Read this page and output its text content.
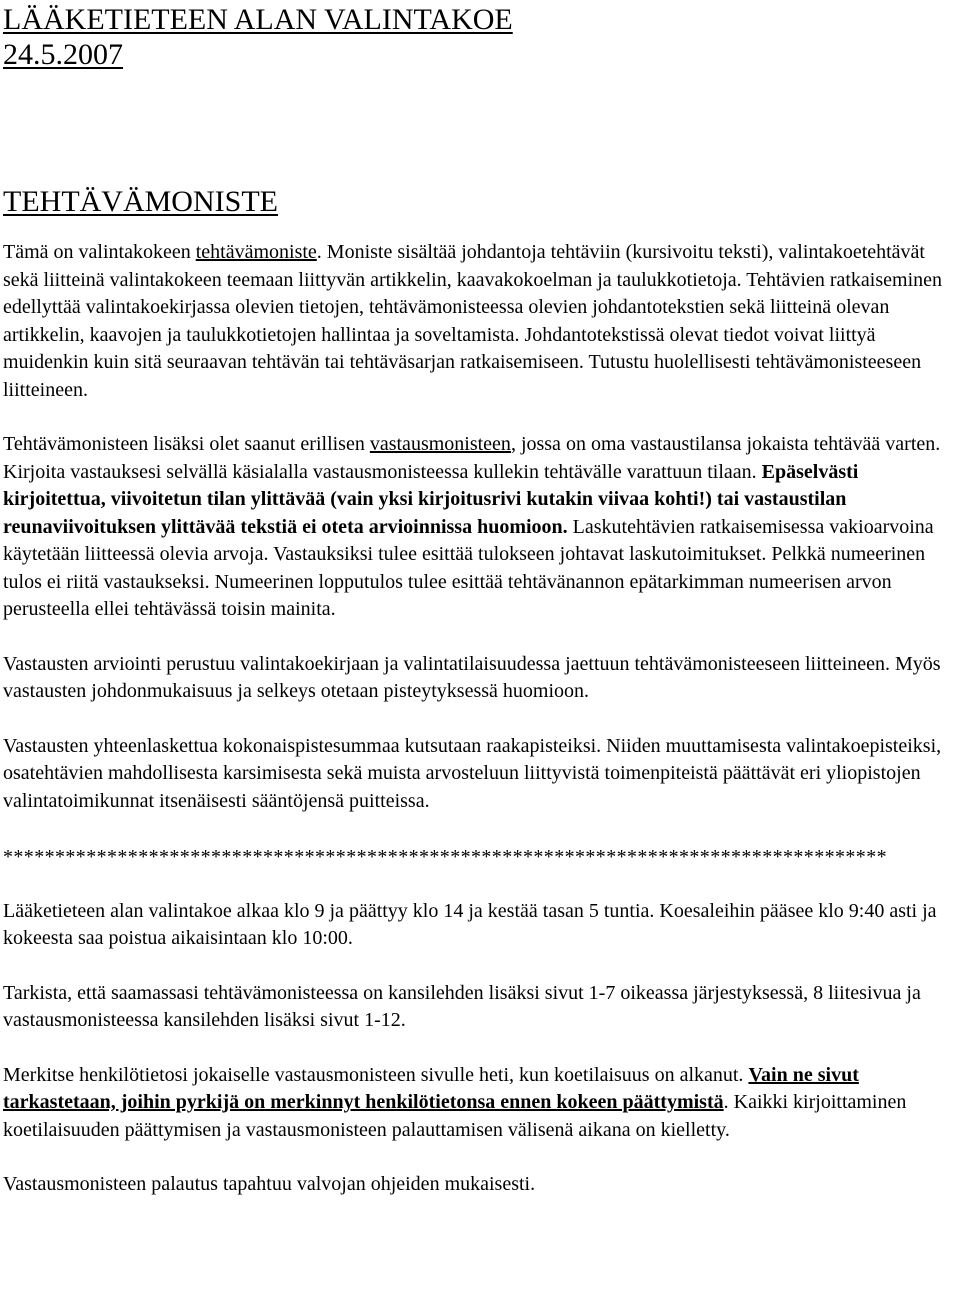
LÄÄKETIETEEN ALAN VALINTAKOE
24.5.2007
TEHTÄVÄMONISTE

Tämä on valintakokeen tehtävämoniste. Moniste sisältää johdantoja tehtäviin (kursivoitu teksti), valintakoetehtävät sekä liitteinä valintakokeen teemaan liittyvän artikkelin, kaavakokoelman ja taulukkotietoja. Tehtävien ratkaiseminen edellyttää valintakoekirjassa olevien tietojen, tehtävämonisteessa olevien johdantotekstien sekä liitteinä olevan artikkelin, kaavojen ja taulukkotietojen hallintaa ja soveltamista. Johdantotekstissä olevat tiedot voivat liittyä muidenkin kuin sitä seuraavan tehtävän tai tehtäväsarjan ratkaisemiseen. Tutustu huolellisesti tehtävämonisteeseen liitteineen.

Tehtävämonisteen lisäksi olet saanut erillisen vastausmonisteen, jossa on oma vastaustilansa jokaista tehtävää varten. Kirjoita vastauksesi selvällä käsialalla vastausmonisteessa kullekin tehtävälle varattuun tilaan. Epäselvästi kirjoitettua, viivoitetun tilan ylittävää (vain yksi kirjoitusrivi kutakin viivaa kohti!) tai vastaustilan reunaviivoituksen ylittävää tekstiä ei oteta arvioinnissa huomioon. Laskutehtävien ratkaisemisessa vakioarvoina käytetään liitteessä olevia arvoja. Vastauksiksi tulee esittää tulokseen johtavat laskutoimitukset. Pelkkä numeerinen tulos ei riitä vastaukseksi. Numeerinen lopputulos tulee esittää tehtävänannon epätarkimman numeerisen arvon perusteella ellei tehtävässä toisin mainita.

Vastausten arviointi perustuu valintakoekirjaan ja valintatilaisuudessa jaettuun tehtävämonisteeseen liitteineen. Myös vastausten johdonmukaisuus ja selkeys otetaan pisteytyksessä huomioon.

Vastausten yhteenlaskettua kokonaispistesummaa kutsutaan raakapisteiksi. Niiden muuttamisesta valintakoepisteiksi, osatehtävien mahdollisesta karsimisesta sekä muista arvosteluun liittyvistä toimenpiteistä päättävät eri yliopistojen valintatoimikunnat itsenäisesti sääntöjensä puitteissa.

*************************************************************************************

Lääketieteen alan valintakoe alkaa klo 9 ja päättyy klo 14 ja kestää tasan 5 tuntia. Koesaleihin pääsee klo 9:40 asti ja kokeesta saa poistua aikaisintaan klo 10:00.

Tarkista, että saamassasi tehtävämonisteessa on kansilehden lisäksi sivut 1-7 oikeassa järjestyksessä, 8 liitesivua ja vastausmonisteessa kansilehden lisäksi sivut 1-12.

Merkitse henkilötietosi jokaiselle vastausmonisteen sivulle heti, kun koetilaisuus on alkanut. Vain ne sivut tarkastetaan, joihin pyrkijä on merkinnyt henkilötietonsa ennen kokeen päättymistä. Kaikki kirjoittaminen koetilaisuuden päättymisen ja vastausmonisteen palauttamisen välisenä aikana on kielletty.

Vastausmonisteen palautus tapahtuu valvojan ohjeiden mukaisesti.
